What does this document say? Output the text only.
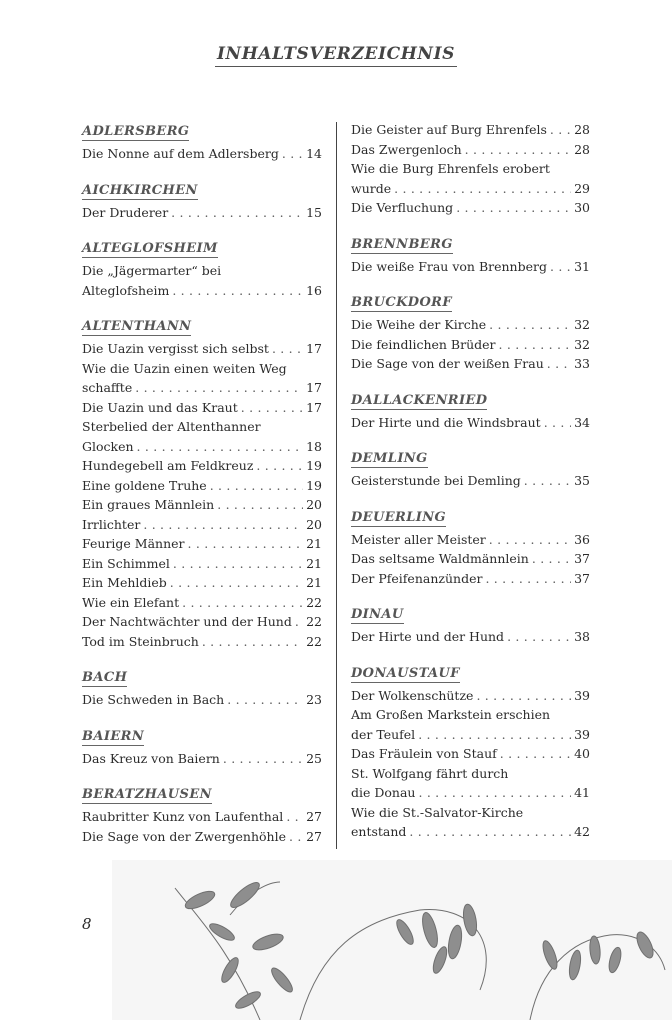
INHALTSVERZEICHNIS
ADLERSBERG
Die Nonne auf dem Adlersberg . . . 14
AICHKIRCHEN
Der Druderer . . .	15
ALTEGLOFSHEIM
Die „Jägermarter“ bei
Alteglofsheim . . .	16
ALTENTHANN
Die Uazin vergisst sich selbst . . .	17
Wie die Uazin einen weiten Weg
schaffte . . .	17
Die Uazin und das Kraut . . .	17
Sterbelied der Altenthanner
Glocken . . .	18
Hundegebell am Feldkreuz . . .	19
Eine goldene Truhe . . .	19
Ein graues Männlein . . .	20
Irrlichter . . .	20
Feurige Männer . . .	21
Ein Schimmel . . .	21
Ein Mehldieb . . .	21
Wie ein Elefant . . .	22
Der Nachtwächter und der Hund . . . 22
Tod im Steinbruch . . .	22
BACH
Die Schweden in Bach . . .	23
BAIERN
Das Kreuz von Baiern . . .	25
BERATZHAUSEN
Raubritter Kunz von Laufenthal . . . 27
Die Sage von der Zwergenhöhle . . . 27
Die Geister auf Burg Ehrenfels . . . 28
Das Zwergenloch . . .	28
Wie die Burg Ehrenfels erobert
wurde . . .	29
Die Verfluchung . . .	30
BRENNBERG
Die weiße Frau von Brennberg . . . 31
BRUCKDORF
Die Weihe der Kirche . . .	32
Die feindlichen Brüder . . .	32
Die Sage von der weißen Frau . . . 33
DALLACKENRIED
Der Hirte und die Windsbraut . . .	34
DEMLING
Geisterstunde bei Demling . . .	35
DEUERLING
Meister aller Meister . . .	36
Das seltsame Waldmännlein . . .	37
Der Pfeifenanzünder . . .	37
DINAU
Der Hirte und der Hund . . .	38
DONAUSTAUF
Der Wolkenschütze . . .	39
Am Großen Markstein erschien
der Teufel . . .	39
Das Fräulein von Stauf . . .	40
St. Wolfgang fährt durch
die Donau . . .	41
Wie die St.-Salvator-Kirche
entstand . . .	42
8
